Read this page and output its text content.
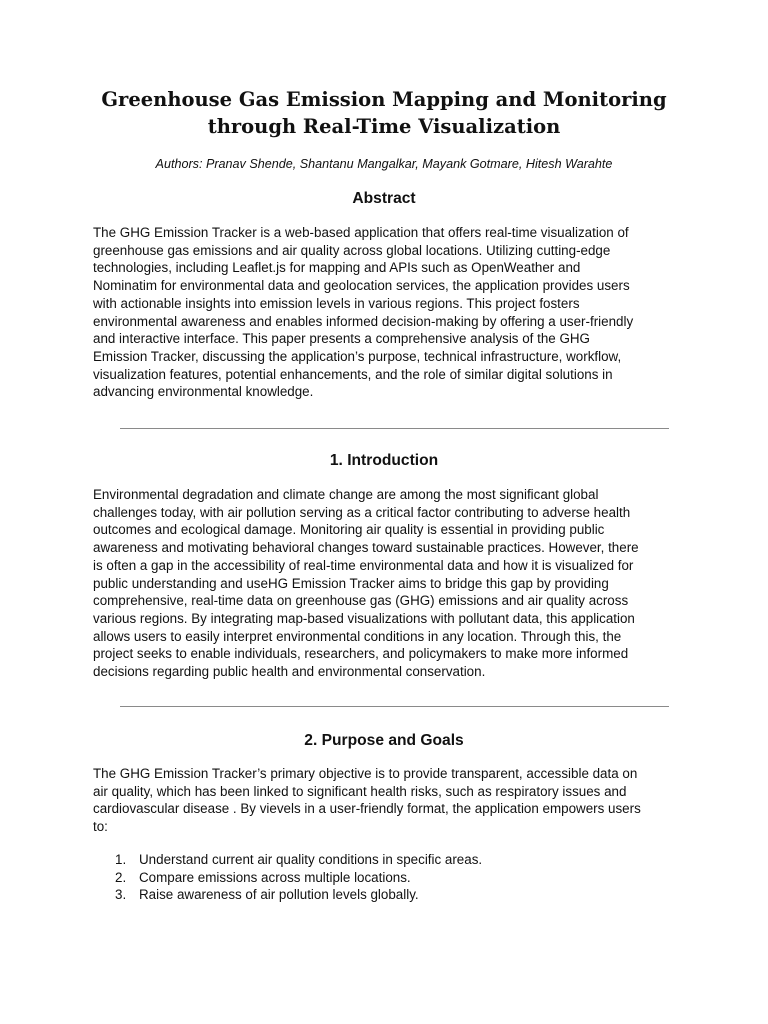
Greenhouse Gas Emission Mapping and Monitoring
through Real-Time Visualization

Authors: Pranav Shende, Shantanu Mangalkar, Mayank Gotmare, Hitesh Warahte

Abstract
The GHG Emission Tracker is a web-based application that offers real-time visualization of
greenhouse gas emissions and air quality across global locations. Utilizing cutting-edge
technologies, including Leaflet.js for mapping and APIs such as OpenWeather and
Nominatim for environmental data and geolocation services, the application provides users
with actionable insights into emission levels in various regions. This project fosters
environmental awareness and enables informed decision-making by offering a user-friendly
and interactive interface. This paper presents a comprehensive analysis of the GHG
Emission Tracker, discussing the application’s purpose, technical infrastructure, workflow,
visualization features, potential enhancements, and the role of similar digital solutions in
advancing environmental knowledge.
1. Introduction
Environmental degradation and climate change are among the most significant global
challenges today, with air pollution serving as a critical factor contributing to adverse health
outcomes and ecological damage. Monitoring air quality is essential in providing public
awareness and motivating behavioral changes toward sustainable practices. However, there
is often a gap in the accessibility of real-time environmental data and how it is visualized for
public understanding and useHG Emission Tracker aims to bridge this gap by providing
comprehensive, real-time data on greenhouse gas (GHG) emissions and air quality across
various regions. By integrating map-based visualizations with pollutant data, this application
allows users to easily interpret environmental conditions in any location. Through this, the
project seeks to enable individuals, researchers, and policymakers to make more informed
decisions regarding public health and environmental conservation.
2. Purpose and Goals
The GHG Emission Tracker’s primary objective is to provide transparent, accessible data on
air quality, which has been linked to significant health risks, such as respiratory issues and
cardiovascular disease . By vievels in a user-friendly format, the application empowers users
to:
1. Understand current air quality conditions in specific areas.
2. Compare emissions across multiple locations.
3. Raise awareness of air pollution levels globally.
